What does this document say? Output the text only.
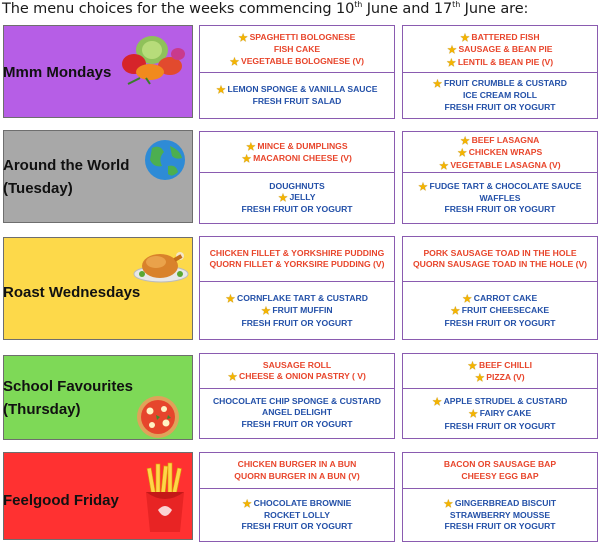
The menu choices for the weeks commencing 10th June and 17th June are:
Mmm Mondays
★ SPAGHETTI BOLOGNESE
FISH CAKE
★ VEGETABLE BOLOGNESE (V)
★ LEMON SPONGE & VANILLA SAUCE
FRESH FRUIT SALAD
★ BATTERED FISH
★ SAUSAGE & BEAN PIE
★ LENTIL & BEAN PIE (V)
★ FRUIT CRUMBLE & CUSTARD
ICE CREAM ROLL
FRESH FRUIT OR YOGURT
Around the World
(Tuesday)
★ MINCE & DUMPLINGS
★ MACARONI CHEESE (V)
DOUGHNUTS
★ JELLY
FRESH FRUIT OR YOGURT
★ BEEF LASAGNA
★ CHICKEN WRAPS
★ VEGETABLE LASAGNA (V)
★ FUDGE TART & CHOCOLATE SAUCE
WAFFLES
FRESH FRUIT OR YOGURT
Roast Wednesdays
CHICKEN FILLET & YORKSHIRE PUDDING
QUORN FILLET & YORKSIRE PUDDING (V)
★ CORNFLAKE TART & CUSTARD
★ FRUIT MUFFIN
FRESH FRUIT OR YOGURT
PORK SAUSAGE TOAD IN THE HOLE
QUORN SAUSAGE TOAD IN THE HOLE (V)
★ CARROT CAKE
★ FRUIT CHEESECAKE
FRESH FRUIT OR YOGURT
School Favourites
(Thursday)
SAUSAGE ROLL
★ CHEESE & ONION PASTRY ( V)
CHOCOLATE CHIP SPONGE & CUSTARD
ANGEL DELIGHT
FRESH FRUIT OR YOGURT
★ BEEF CHILLI
★ PIZZA (V)
★ APPLE STRUDEL & CUSTARD
★ FAIRY CAKE
FRESH FRUIT OR YOGURT
Feelgood Friday
CHICKEN BURGER IN A BUN
QUORN BURGER IN A BUN (V)
★ CHOCOLATE BROWNIE
ROCKET LOLLY
FRESH FRUIT OR YOGURT
BACON OR SAUSAGE BAP
CHEESY EGG BAP
★ GINGERBREAD BISCUIT
STRAWBERRY MOUSSE
FRESH FRUIT OR YOGURT
